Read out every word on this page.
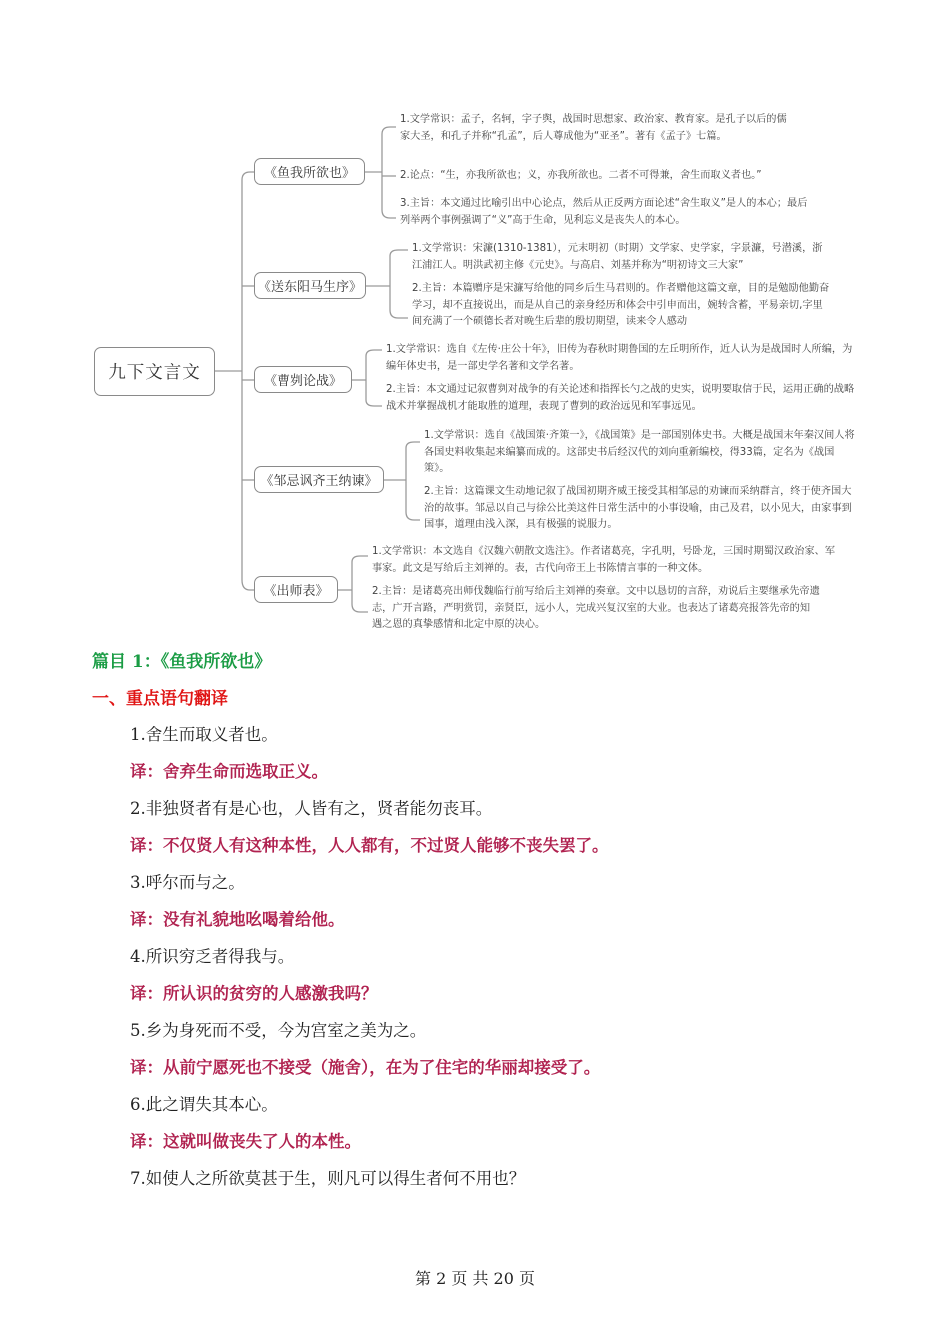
九下文言文
《鱼我所欲也》
《送东阳马生序》
《曹刿论战》
《邹忌讽齐王纳谏》
《出师表》
1.文学常识：孟子，名轲，字子舆，战国时思想家、政治家、教育家。是孔子以后的儒家大圣，和孔子并称“孔孟”，后人尊成他为“亚圣”。著有《孟子》七篇。
2.论点：“生，亦我所欲也；义，亦我所欲也。二者不可得兼，舍生而取义者也。”
3.主旨：本文通过比喻引出中心论点，然后从正反两方面论述“舍生取义”是人的本心；最后列举两个事例强调了“义”高于生命，见利忘义是丧失人的本心。
1.文学常识：宋濂(1310-1381），元末明初（时期）文学家、史学家，字景濂，号潜溪，浙江浦江人。明洪武初主修《元史》。与高启、刘基并称为“明初诗文三大家”
2.主旨：本篇赠序是宋濂写给他的同乡后生马君则的。作者赠他这篇文章，目的是勉励他勤奋学习，却不直接说出，而是从自己的亲身经历和体会中引申而出，婉转含蓄，平易亲切,字里间充满了一个硕德长者对晚生后辈的殷切期望，读来令人感动
1.文学常识：选自《左传·庄公十年》，旧传为春秋时期鲁国的左丘明所作，近人认为是战国时人所编，为编年体史书，是一部史学名著和文学名著。
2.主旨：本文通过记叙曹刿对战争的有关论述和指挥长勺之战的史实，说明要取信于民，运用正确的战略战术并掌握战机才能取胜的道理，表现了曹刿的政治远见和军事远见。
1.文学常识：选自《战国策·齐策一》，《战国策》是一部国别体史书。大概是战国末年秦汉间人将各国史料收集起来编纂而成的。这部史书后经汉代的刘向重新编校，得33篇，定名为《战国策》。
2.主旨：这篇课文生动地记叙了战国初期齐威王接受其相邹忌的劝谏而采纳群言，终于使齐国大治的故事。邹忌以自己与徐公比美这件日常生活中的小事设喻，由己及君，以小见大，由家事到国事，道理由浅入深，具有极强的说服力。
1.文学常识：本文选自《汉魏六朝散文选注》。作者诸葛亮，字孔明，号卧龙，三国时期蜀汉政治家、军事家。此文是写给后主刘禅的。表，古代向帝王上书陈情言事的一种文体。
2.主旨：是诸葛亮出师伐魏临行前写给后主刘禅的奏章。文中以恳切的言辞，劝说后主要继承先帝遗志，广开言路，严明赏罚，亲贤臣，远小人，完成兴复汉室的大业。也表达了诸葛亮报答先帝的知遇之恩的真挚感情和北定中原的决心。
篇目 1：《鱼我所欲也》
一、重点语句翻译
1.舍生而取义者也。
译：舍弃生命而选取正义。
2.非独贤者有是心也，人皆有之，贤者能勿丧耳。
译：不仅贤人有这种本性，人人都有，不过贤人能够不丧失罢了。
3.呼尔而与之。
译：没有礼貌地吆喝着给他。
4.所识穷乏者得我与。
译：所认识的贫穷的人感激我吗？
5.乡为身死而不受，今为宫室之美为之。
译：从前宁愿死也不接受（施舍），在为了住宅的华丽却接受了。
6.此之谓失其本心。
译：这就叫做丧失了人的本性。
7.如使人之所欲莫甚于生，则凡可以得生者何不用也？
第 2 页 共 20 页
